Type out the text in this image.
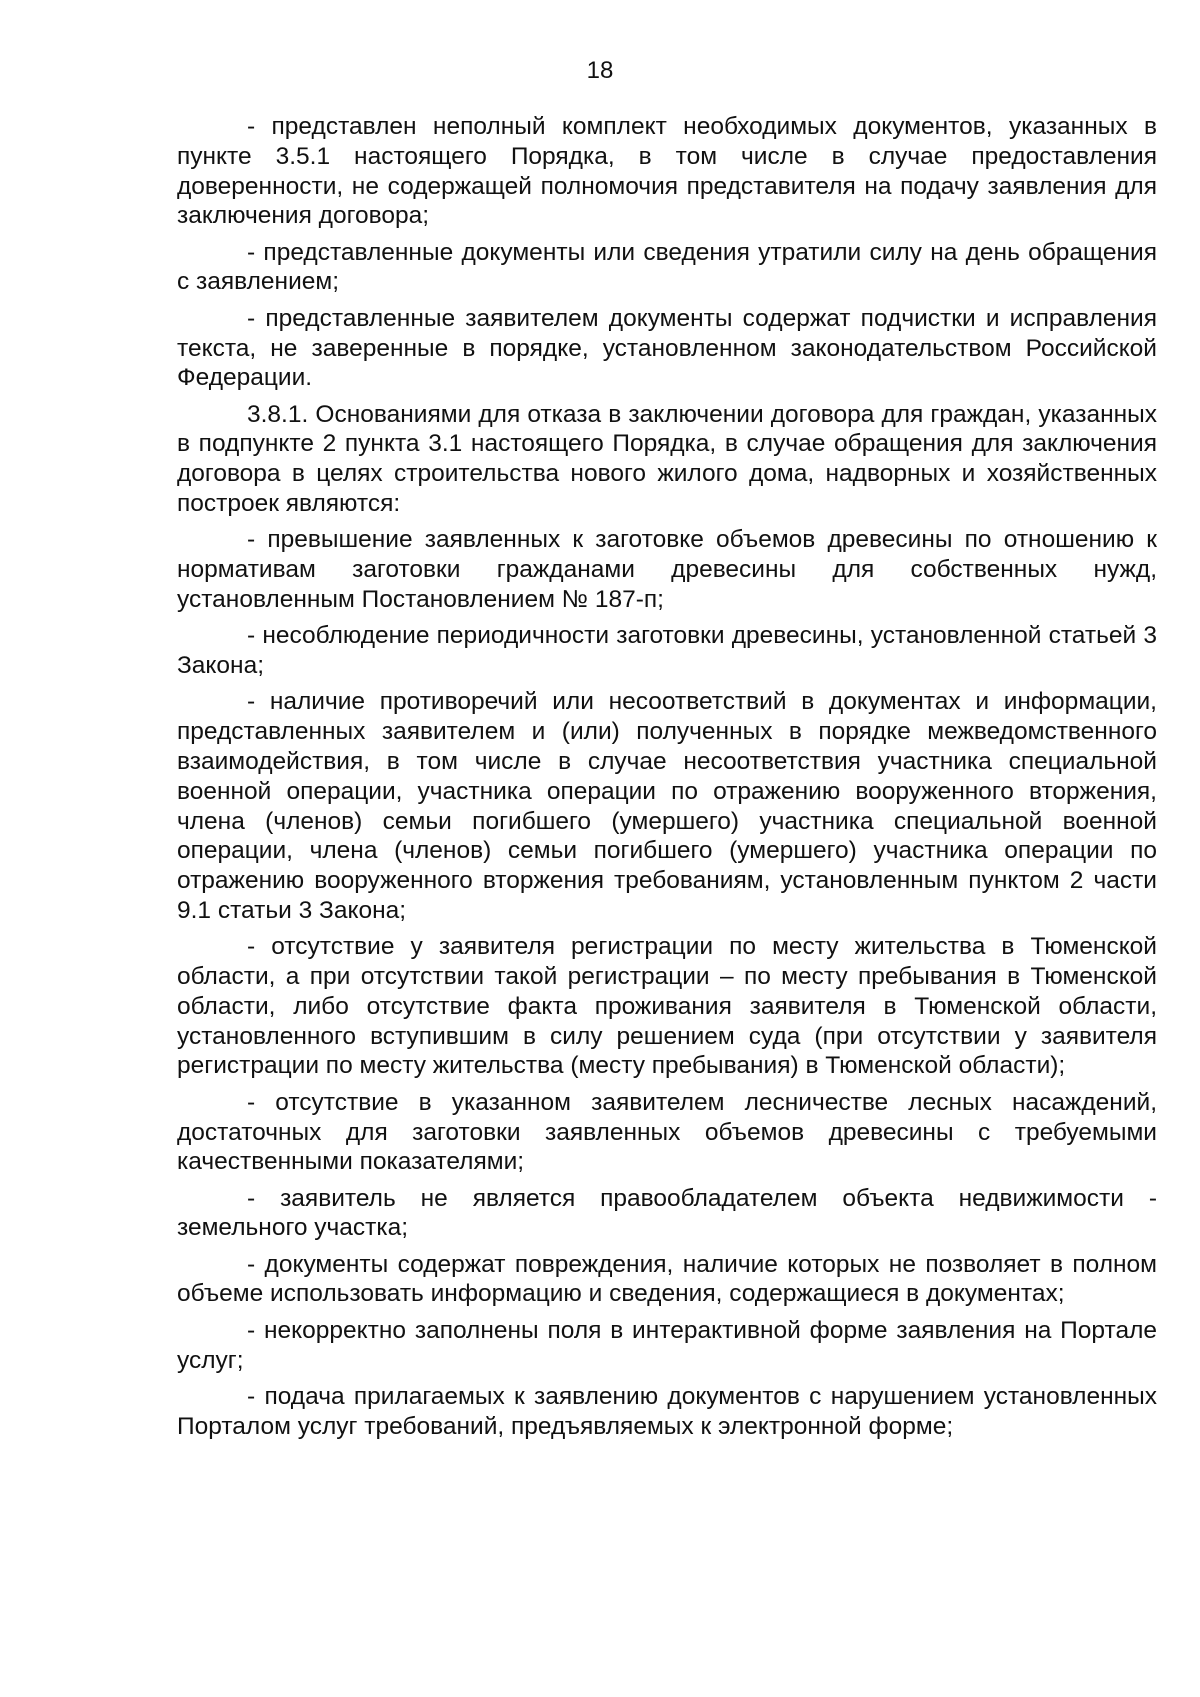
18

- представлен неполный комплект необходимых документов, указанных в пункте 3.5.1 настоящего Порядка, в том числе в случае предоставления доверенности, не содержащей полномочия представителя на подачу заявления для заключения договора;

- представленные документы или сведения утратили силу на день обращения с заявлением;

- представленные заявителем документы содержат подчистки и исправления текста, не заверенные в порядке, установленном законодательством Российской Федерации.

3.8.1. Основаниями для отказа в заключении договора для граждан, указанных в подпункте 2 пункта 3.1 настоящего Порядка, в случае обращения для заключения договора в целях строительства нового жилого дома, надворных и хозяйственных построек являются:

- превышение заявленных к заготовке объемов древесины по отношению к нормативам заготовки гражданами древесины для собственных нужд, установленным Постановлением № 187-п;

- несоблюдение периодичности заготовки древесины, установленной статьей 3 Закона;

- наличие противоречий или несоответствий в документах и информации, представленных заявителем и (или) полученных в порядке межведомственного взаимодействия, в том числе в случае несоответствия участника специальной военной операции, участника операции по отражению вооруженного вторжения, члена (членов) семьи погибшего (умершего) участника специальной военной операции, члена (членов) семьи погибшего (умершего) участника операции по отражению вооруженного вторжения требованиям, установленным пунктом 2 части 9.1 статьи 3 Закона;

- отсутствие у заявителя регистрации по месту жительства в Тюменской области, а при отсутствии такой регистрации – по месту пребывания в Тюменской области, либо отсутствие факта проживания заявителя в Тюменской области, установленного вступившим в силу решением суда (при отсутствии у заявителя регистрации по месту жительства (месту пребывания) в Тюменской области);

- отсутствие в указанном заявителем лесничестве лесных насаждений, достаточных для заготовки заявленных объемов древесины с требуемыми качественными показателями;

- заявитель не является правообладателем объекта недвижимости - земельного участка;

- документы содержат повреждения, наличие которых не позволяет в полном объеме использовать информацию и сведения, содержащиеся в документах;

- некорректно заполнены поля в интерактивной форме заявления на Портале услуг;

- подача прилагаемых к заявлению документов с нарушением установленных Порталом услуг требований, предъявляемых к электронной форме;
